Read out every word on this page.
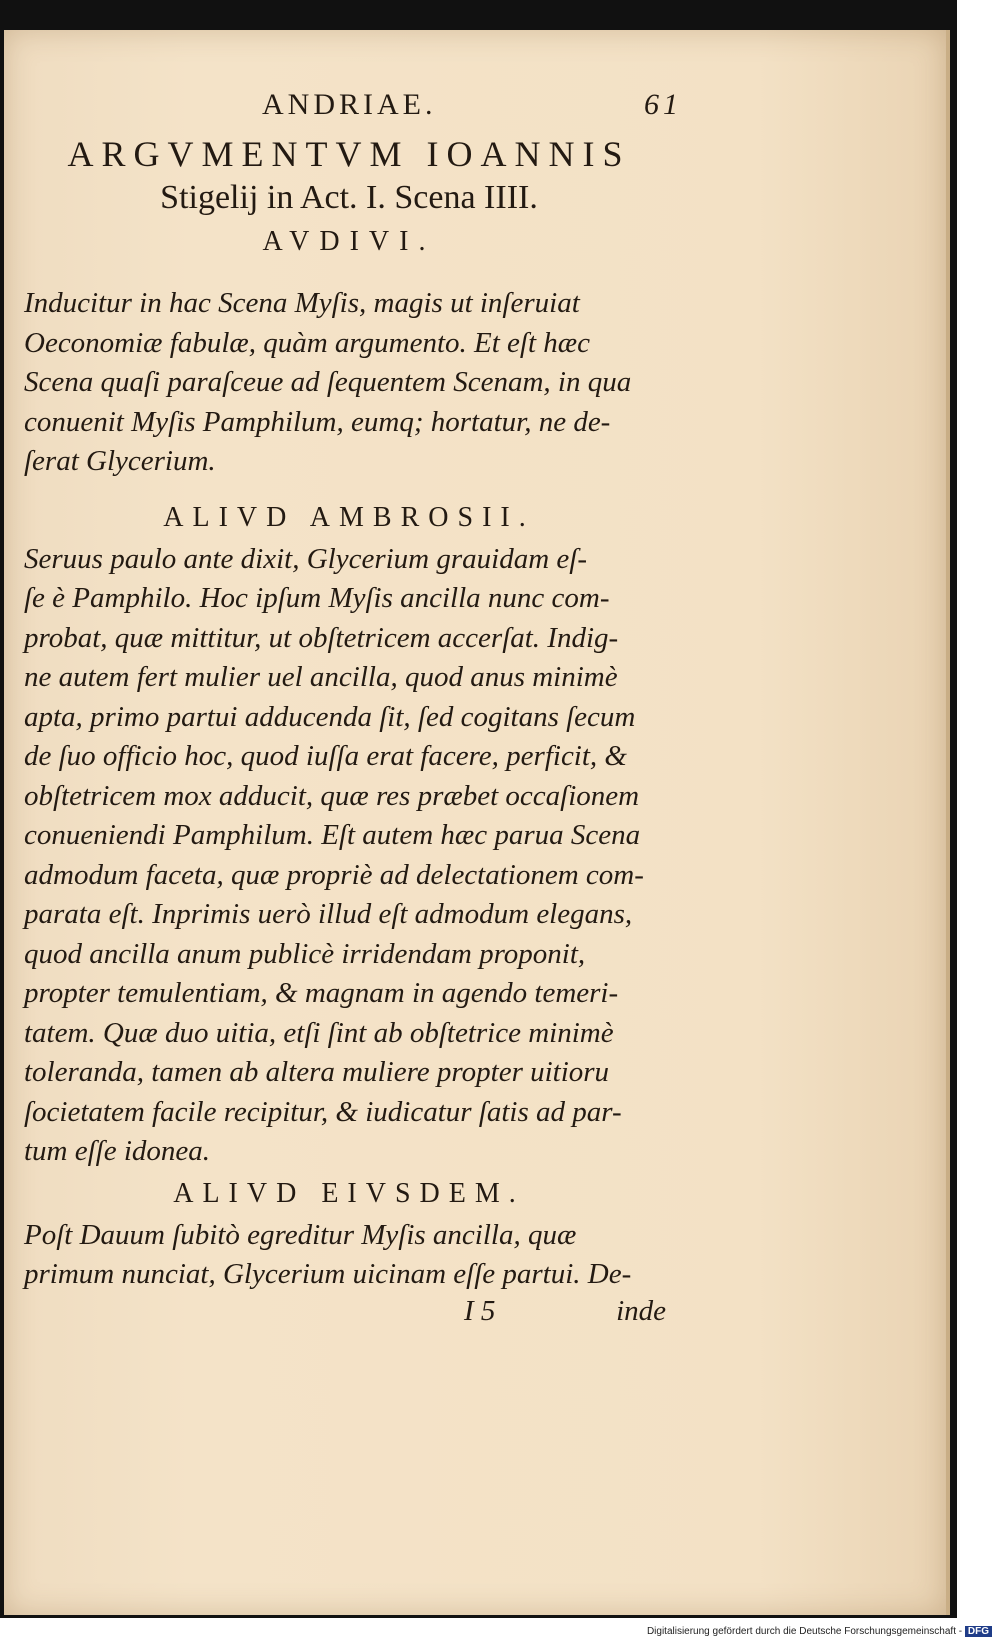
ANDRIAE.	61
ARGVMENTVM IOANNIS
Stigelij in Act. I. Scena IIII.
AVDIVI.

Inducitur in hac Scena Myſis, magis ut inſeruiat
Oeconomiæ fabulæ, quàm argumento. Et eſt hæc
Scena quaſi paraſceue ad ſequentem Scenam, in qua
conuenit Myſis Pamphilum, eumq; hortatur, ne de-
ſerat Glycerium.

ALIVD AMBROSII.

Seruus paulo ante dixit, Glycerium grauidam eſ-
ſe è Pamphilo. Hoc ipſum Myſis ancilla nunc com-
probat, quæ mittitur, ut obſtetricem accerſat. Indig-
ne autem fert mulier uel ancilla, quod anus minimè
apta, primo partui adducenda ſit, ſed cogitans ſecum
de ſuo officio hoc, quod iuſſa erat facere, perficit, &
obſtetricem mox adducit, quæ res præbet occaſionem
conueniendi Pamphilum. Eſt autem hæc parua Scena
admodum faceta, quæ propriè ad delectationem com-
parata eſt. Inprimis uerò illud eſt admodum elegans,
quod ancilla anum publicè irridendam proponit,
propter temulentiam, & magnam in agendo temeri-
tatem. Quæ duo uitia, etſi ſint ab obſtetrice minimè
toleranda, tamen ab altera muliere propter uitioru
ſocietatem facile recipitur, & iudicatur ſatis ad par-
tum eſſe idonea.

ALIVD EIVSDEM.

Poſt Dauum ſubitò egreditur Myſis ancilla, quæ
primum nunciat, Glycerium uicinam eſſe partui. De-

I 5	inde
Digitalisierung gefördert durch die Deutsche Forschungsgemeinschaft - DFG
